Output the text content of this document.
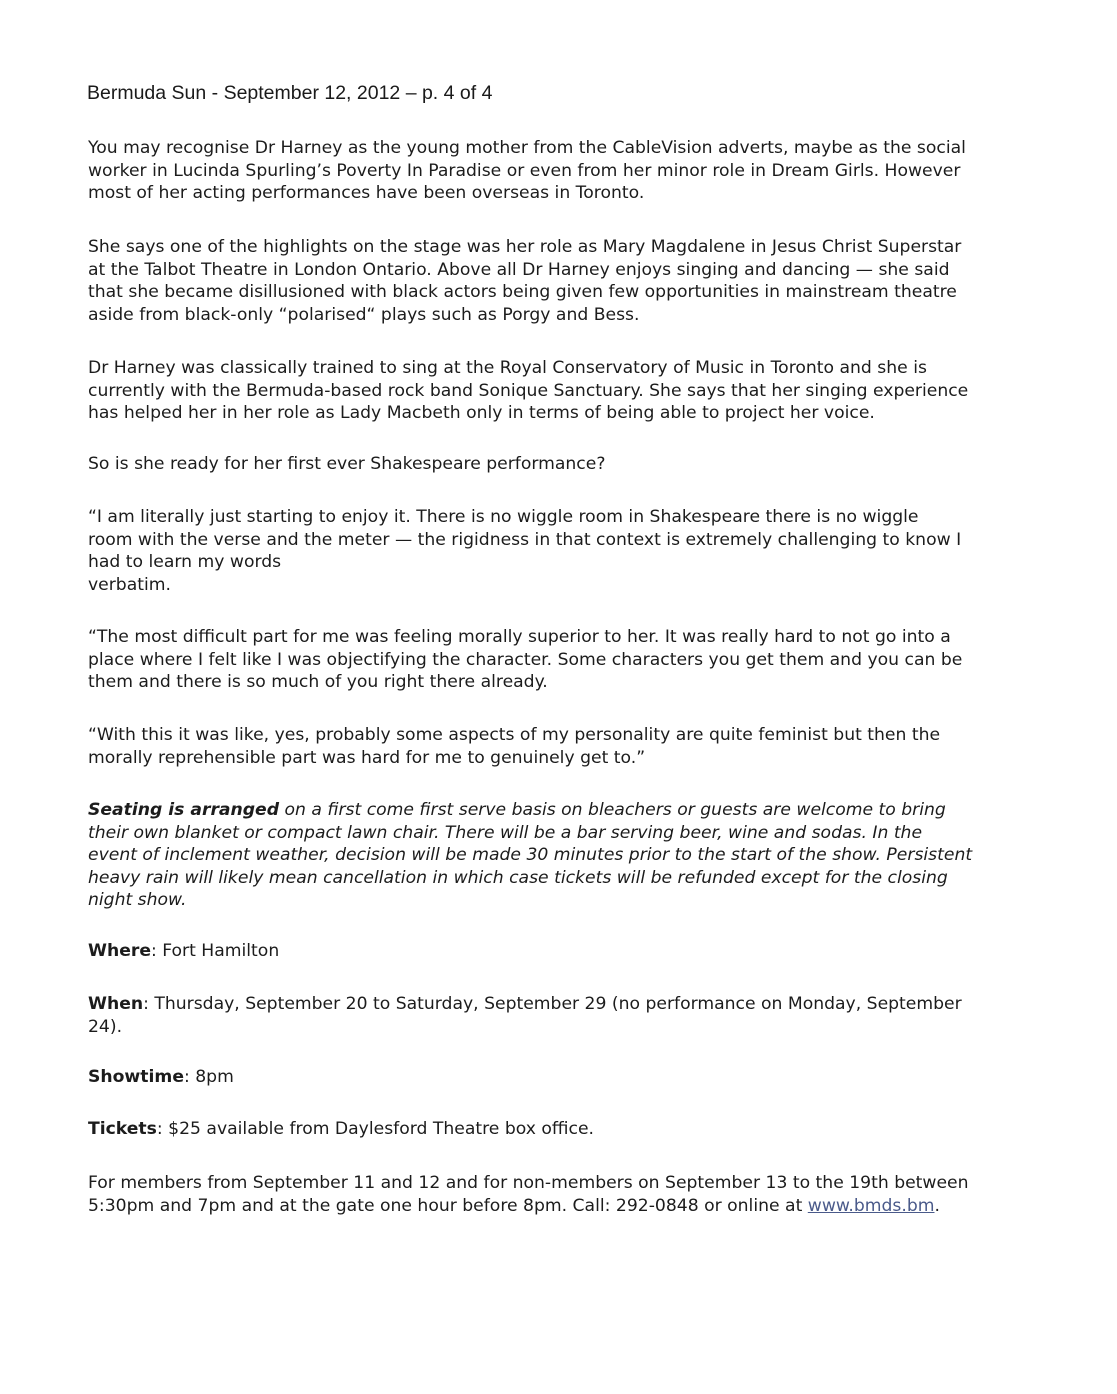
Bermuda Sun - September 12, 2012 – p. 4 of 4
You may recognise Dr Harney as the young mother from the CableVision adverts, maybe as the social
worker in Lucinda Spurling’s Poverty In Paradise or even from her minor role in Dream Girls. However
most of her acting performances have been overseas in Toronto.
She says one of the highlights on the stage was her role as Mary Magdalene in Jesus Christ Superstar
at the Talbot Theatre in London Ontario. Above all Dr Harney enjoys singing and dancing — she said
that she became disillusioned with black actors being given few opportunities in mainstream theatre
aside from black-only “polarised“ plays such as Porgy and Bess.
Dr Harney was classically trained to sing at the Royal Conservatory of Music in Toronto and she is
currently with the Bermuda-based rock band Sonique Sanctuary. She says that her singing experience
has helped her in her role as Lady Macbeth only in terms of being able to project her voice.
So is she ready for her first ever Shakespeare performance?
“I am literally just starting to enjoy it. There is no wiggle room in Shakespeare there is no wiggle
room with the verse and the meter — the rigidness in that context is extremely challenging to know I
had to learn my words
verbatim.
“The most difficult part for me was feeling morally superior to her. It was really hard to not go into a
place where I felt like I was objectifying the character. Some characters you get them and you can be
them and there is so much of you right there already.
“With this it was like, yes, probably some aspects of my personality are quite feminist but then the
morally reprehensible part was hard for me to genuinely get to.”
Seating is arranged on a first come first serve basis on bleachers or guests are welcome to bring
their own blanket or compact lawn chair. There will be a bar serving beer, wine and sodas. In the
event of inclement weather, decision will be made 30 minutes prior to the start of the show. Persistent
heavy rain will likely mean cancellation in which case tickets will be refunded except for the closing
night show.
Where: Fort Hamilton
When: Thursday, September 20 to Saturday, September 29 (no performance on Monday, September
24).
Showtime: 8pm
Tickets: $25 available from Daylesford Theatre box office.
For members from September 11 and 12 and for non-members on September 13 to the 19th between
5:30pm and 7pm and at the gate one hour before 8pm. Call: 292-0848 or online at www.bmds.bm.
